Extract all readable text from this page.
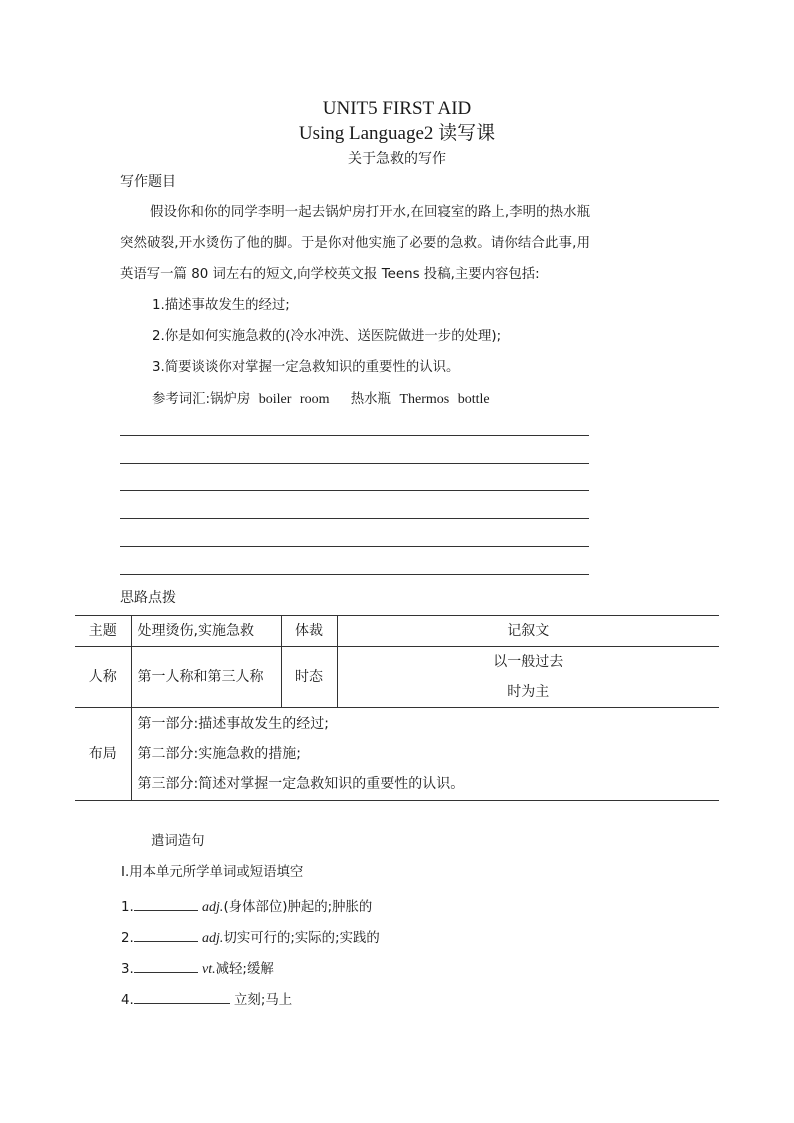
UNIT5 FIRST AID
Using Language2 读写课
关于急救的写作
写作题目
假设你和你的同学李明一起去锅炉房打开水,在回寝室的路上,李明的热水瓶突然破裂,开水烫伤了他的脚。于是你对他实施了必要的急救。请你结合此事,用英语写一篇 80 词左右的短文,向学校英文报 Teens 投稿,主要内容包括:
1.描述事故发生的经过;
2.你是如何实施急救的(冷水冲洗、送医院做进一步的处理);
3.简要谈谈你对掌握一定急救知识的重要性的认识。
参考词汇:锅炉房 boiler room 热水瓶 Thermos bottle
思路点拨
主题	处理烫伤,实施急救	体裁	记叙文
人称	第一人称和第三人称	时态	以一般过去时为主

布局	第一部分:描述事故发生的经过;
第二部分:实施急救的措施;
第三部分:简述对掌握一定急救知识的重要性的认识。		
遣词造句
Ⅰ.用本单元所学单词或短语填空
1.	adj.(身体部位)肿起的;肿胀的
2.	adj.切实可行的;实际的;实践的
3.	vt.减轻;缓解
4.	立刻;马上
